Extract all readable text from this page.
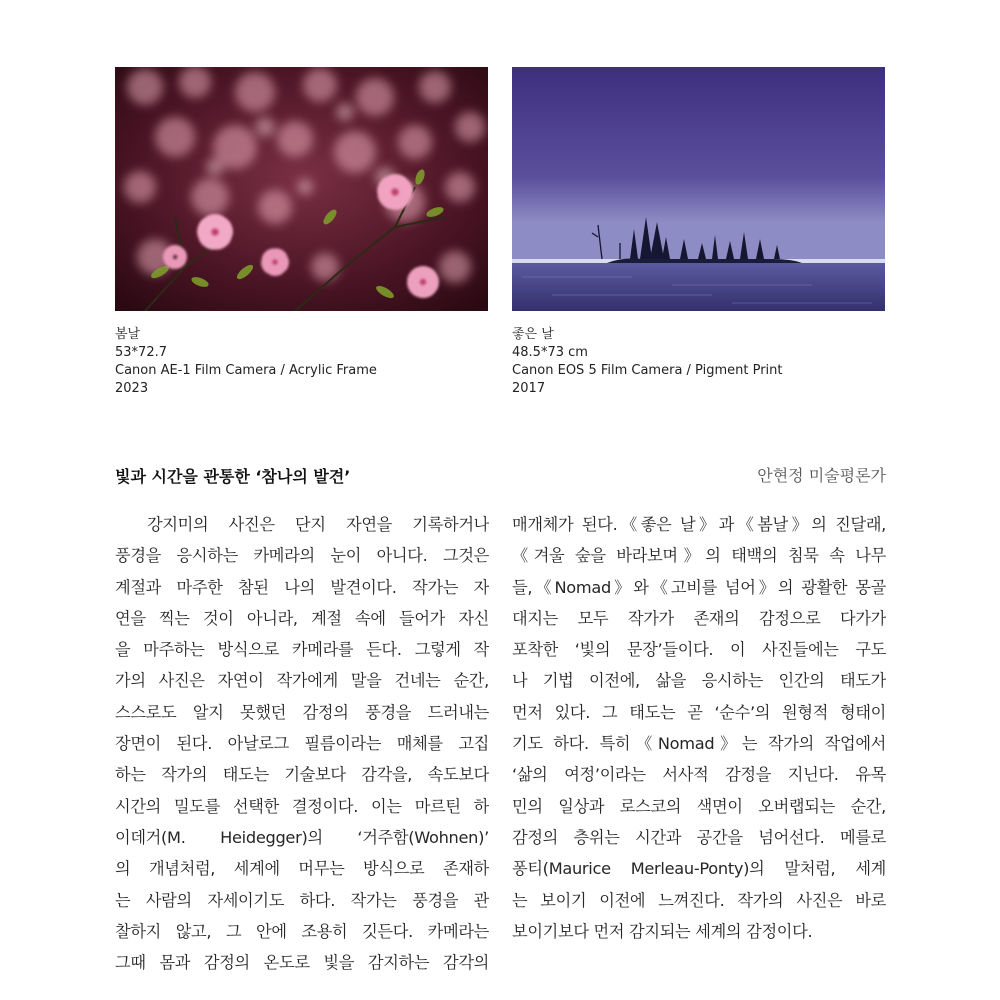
봄날
53*72.7
Canon AE-1 Film Camera / Acrylic Frame
2023
좋은 날
48.5*73 cm
Canon EOS 5 Film Camera / Pigment Print
2017
빛과 시간을 관통한 ‘참나의 발견’	안현정 미술평론가
강지미의 사진은 단지 자연을 기록하거나
풍경을 응시하는 카메라의 눈이 아니다. 그것은
계절과 마주한 참된 나의 발견이다. 작가는 자
연을 찍는 것이 아니라, 계절 속에 들어가 자신
을 마주하는 방식으로 카메라를 든다. 그렇게 작
가의 사진은 자연이 작가에게 말을 건네는 순간,
스스로도 알지 못했던 감정의 풍경을 드러내는
장면이 된다. 아날로그 필름이라는 매체를 고집
하는 작가의 태도는 기술보다 감각을, 속도보다
시간의 밀도를 선택한 결정이다. 이는 마르틴 하
이데거(M. Heidegger)의 ‘거주함(Wohnen)’
의 개념처럼, 세계에 머무는 방식으로 존재하
는 사람의 자세이기도 하다. 작가는 풍경을 관
찰하지 않고, 그 안에 조용히 깃든다. 카메라는
그때 몸과 감정의 온도로 빛을 감지하는 감각의
매개체가 된다.《좋은 날》과《봄날》의 진달래,
《겨울 숲을 바라보며》의 태백의 침묵 속 나무
들,《Nomad》와《고비를 넘어》의 광활한 몽골
대지는 모두 작가가 존재의 감정으로 다가가
포착한 ‘빛의 문장’들이다. 이 사진들에는 구도
나 기법 이전에, 삶을 응시하는 인간의 태도가
먼저 있다. 그 태도는 곧 ‘순수’의 원형적 형태이
기도 하다. 특히《Nomad》는 작가의 작업에서
‘삶의 여정’이라는 서사적 감정을 지닌다. 유목
민의 일상과 로스코의 색면이 오버랩되는 순간,
감정의 층위는 시간과 공간을 넘어선다. 메를로
퐁티(Maurice Merleau-Ponty)의 말처럼, 세계
는 보이기 이전에 느껴진다. 작가의 사진은 바로
보이기보다 먼저 감지되는 세계의 감정이다.
